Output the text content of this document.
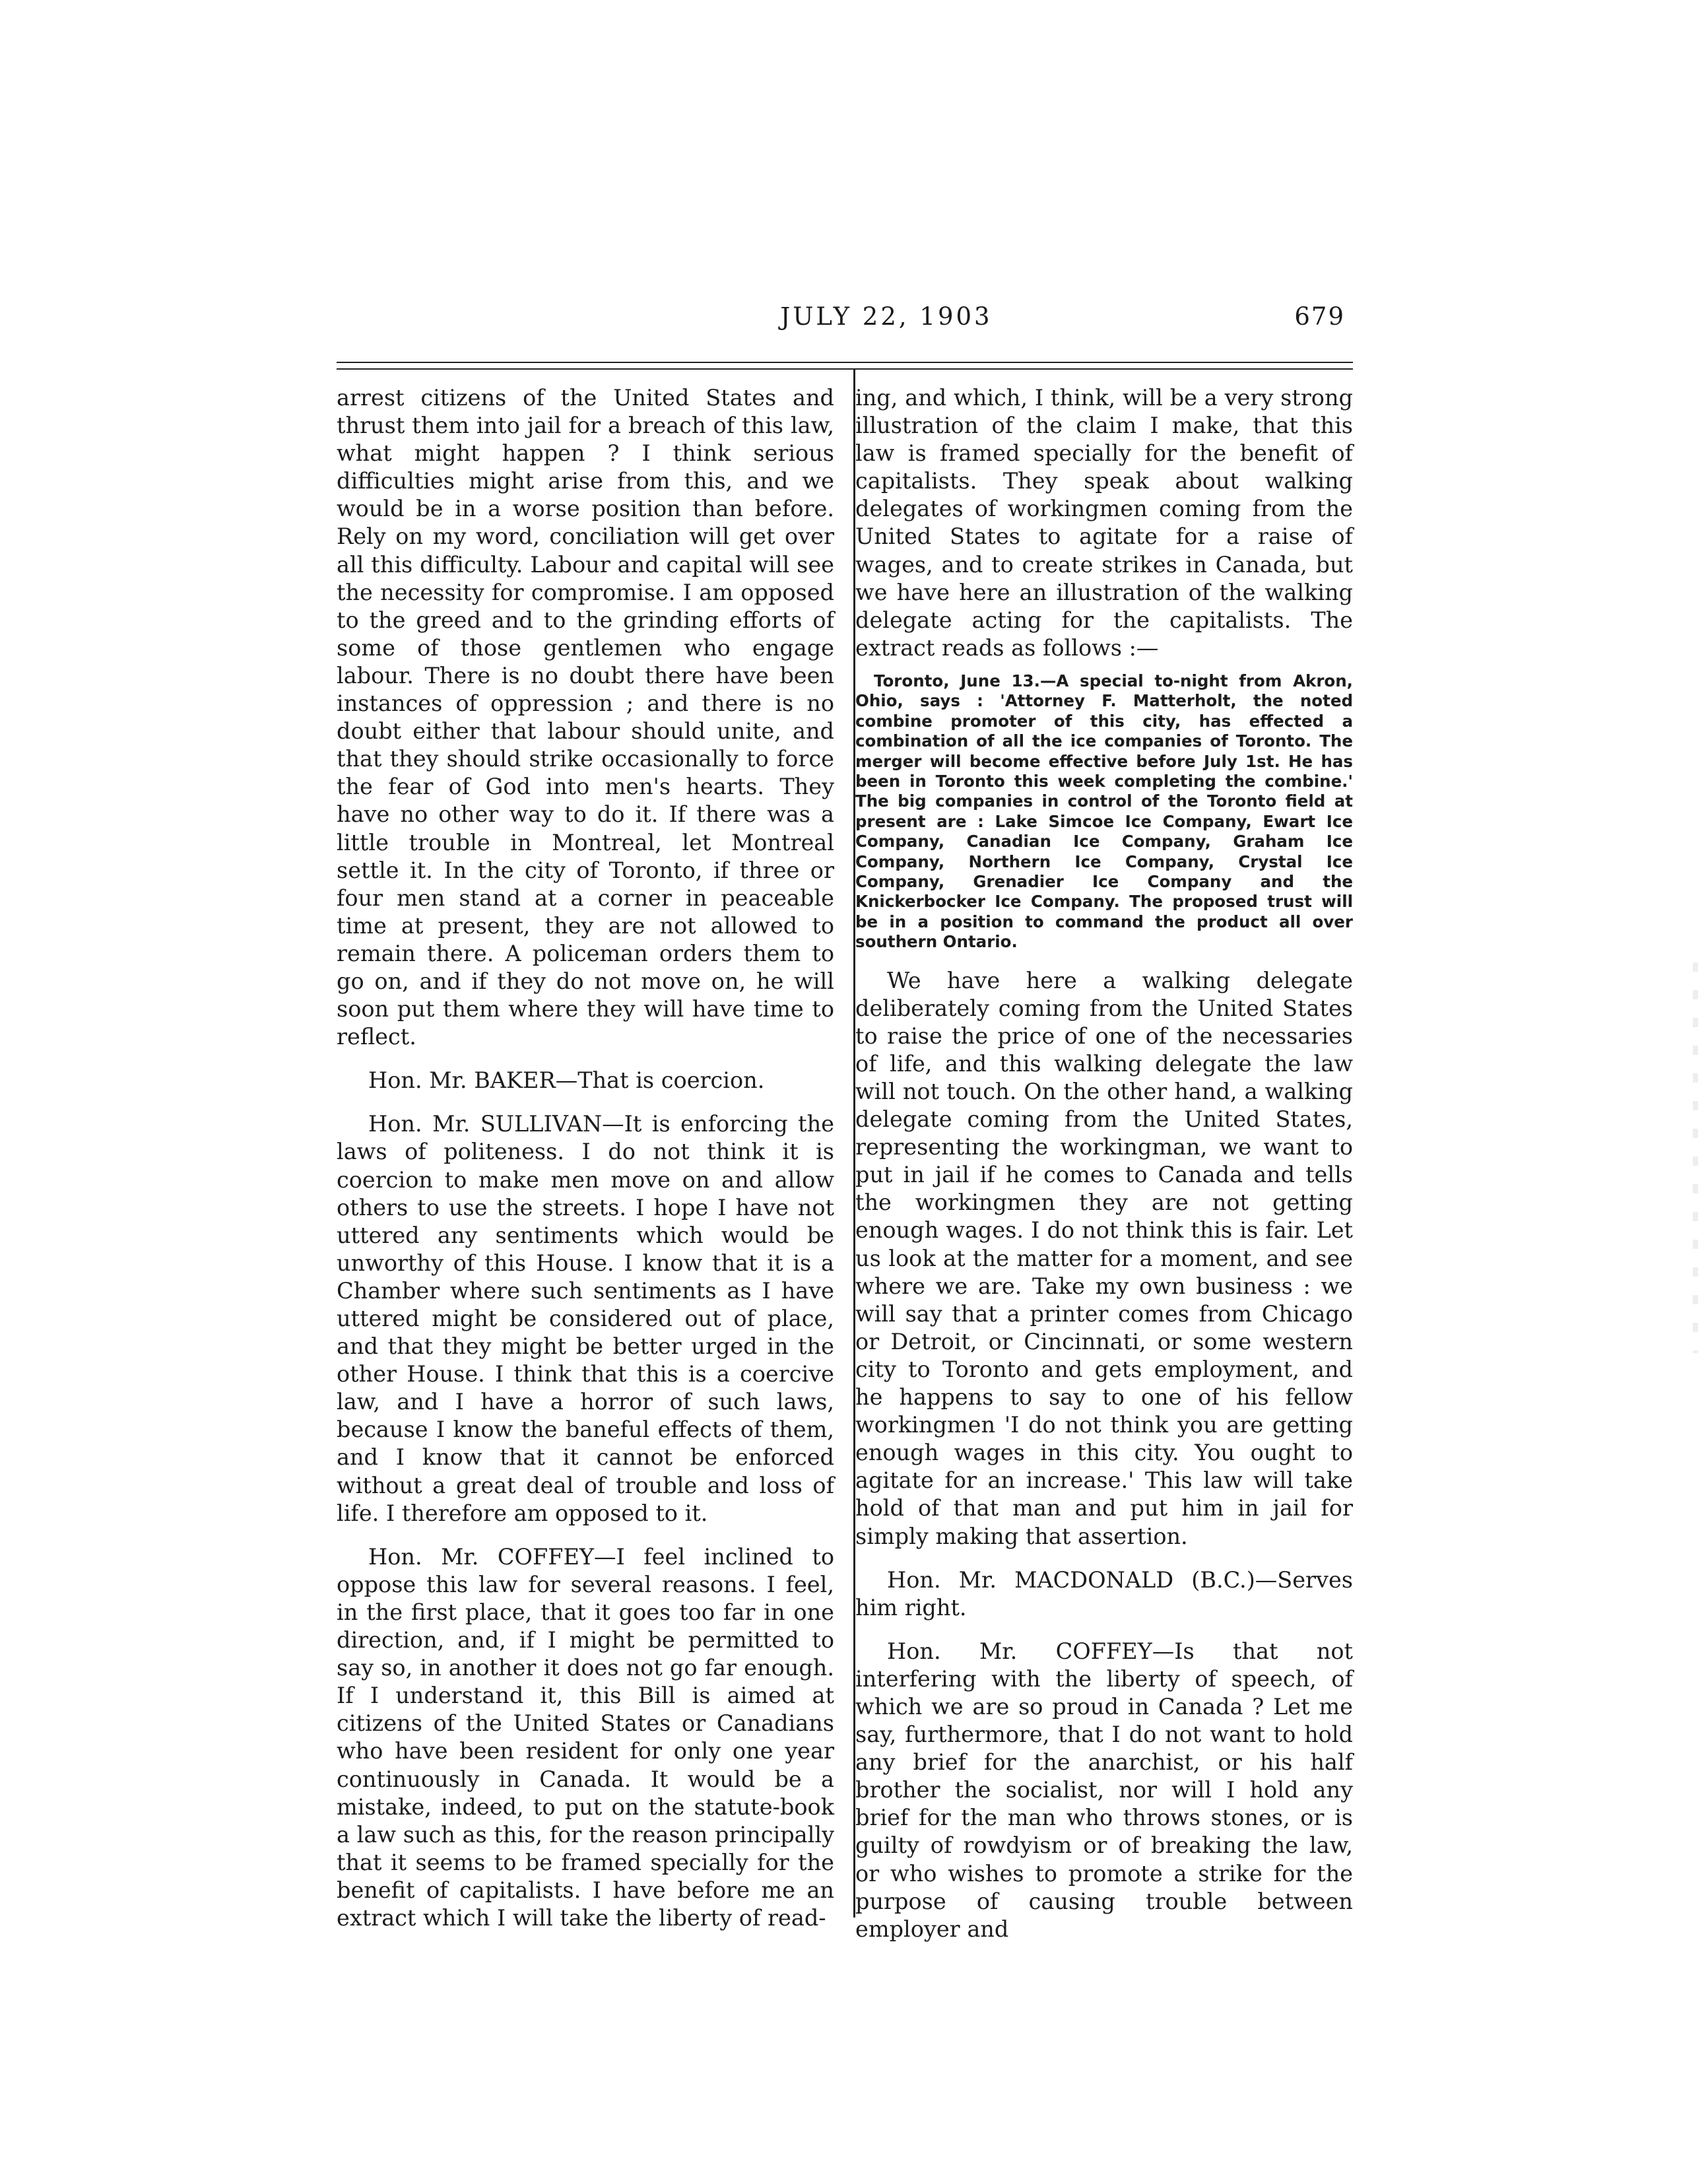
JULY 22, 1903	679

arrest citizens of the United States and thrust them into jail for a breach of this law, what might happen ? I think serious difficulties might arise from this, and we would be in a worse position than before. Rely on my word, conciliation will get over all this difficulty. Labour and capital will see the necessity for compromise. I am opposed to the greed and to the grinding efforts of some of those gentlemen who engage labour. There is no doubt there have been instances of oppression ; and there is no doubt either that labour should unite, and that they should strike occasionally to force the fear of God into men's hearts. They have no other way to do it. If there was a little trouble in Montreal, let Montreal settle it. In the city of Toronto, if three or four men stand at a corner in peaceable time at present, they are not allowed to remain there. A policeman orders them to go on, and if they do not move on, he will soon put them where they will have time to reflect.

Hon. Mr. BAKER—That is coercion.

Hon. Mr. SULLIVAN—It is enforcing the laws of politeness. I do not think it is coercion to make men move on and allow others to use the streets. I hope I have not uttered any sentiments which would be unworthy of this House. I know that it is a Chamber where such sentiments as I have uttered might be considered out of place, and that they might be better urged in the other House. I think that this is a coercive law, and I have a horror of such laws, because I know the baneful effects of them, and I know that it cannot be enforced without a great deal of trouble and loss of life. I therefore am opposed to it.

Hon. Mr. COFFEY—I feel inclined to oppose this law for several reasons. I feel, in the first place, that it goes too far in one direction, and, if I might be permitted to say so, in another it does not go far enough. If I understand it, this Bill is aimed at citizens of the United States or Canadians who have been resident for only one year continuously in Canada. It would be a mistake, indeed, to put on the statute-book a law such as this, for the reason principally that it seems to be framed specially for the benefit of capitalists. I have before me an extract which I will take the liberty of read-

ing, and which, I think, will be a very strong illustration of the claim I make, that this law is framed specially for the benefit of capitalists. They speak about walking delegates of workingmen coming from the United States to agitate for a raise of wages, and to create strikes in Canada, but we have here an illustration of the walking delegate acting for the capitalists. The extract reads as follows :—

Toronto, June 13.—A special to-night from Akron, Ohio, says : 'Attorney F. Matterholt, the noted combine promoter of this city, has effected a combination of all the ice companies of Toronto. The merger will become effective before July 1st. He has been in Toronto this week completing the combine.' The big companies in control of the Toronto field at present are : Lake Simcoe Ice Company, Ewart Ice Company, Canadian Ice Company, Graham Ice Company, Northern Ice Company, Crystal Ice Company, Grenadier Ice Company and the Knickerbocker Ice Company. The proposed trust will be in a position to command the product all over southern Ontario.

We have here a walking delegate deliberately coming from the United States to raise the price of one of the necessaries of life, and this walking delegate the law will not touch. On the other hand, a walking delegate coming from the United States, representing the workingman, we want to put in jail if he comes to Canada and tells the workingmen they are not getting enough wages. I do not think this is fair. Let us look at the matter for a moment, and see where we are. Take my own business : we will say that a printer comes from Chicago or Detroit, or Cincinnati, or some western city to Toronto and gets employment, and he happens to say to one of his fellow workingmen 'I do not think you are getting enough wages in this city. You ought to agitate for an increase.' This law will take hold of that man and put him in jail for simply making that assertion.

Hon. Mr. MACDONALD (B.C.)—Serves him right.

Hon. Mr. COFFEY—Is that not interfering with the liberty of speech, of which we are so proud in Canada ? Let me say, furthermore, that I do not want to hold any brief for the anarchist, or his half brother the socialist, nor will I hold any brief for the man who throws stones, or is guilty of rowdyism or of breaking the law, or who wishes to promote a strike for the purpose of causing trouble between employer and
